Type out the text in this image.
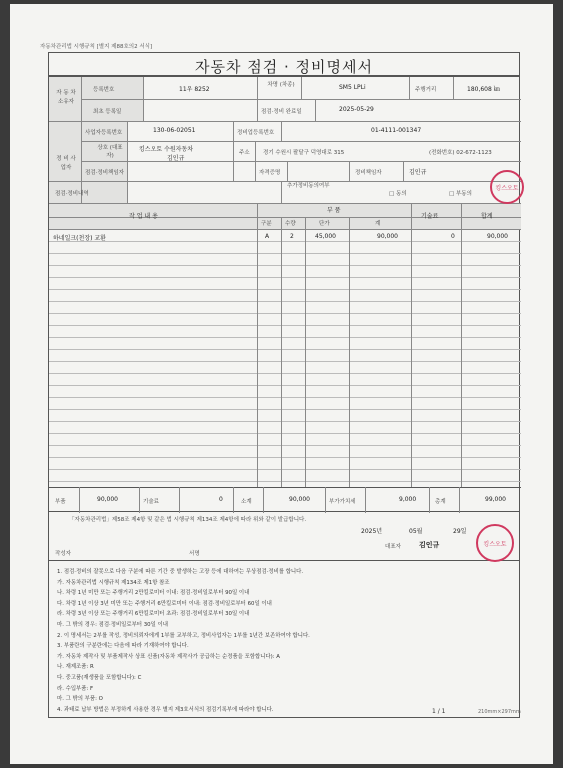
자동차관리법 시행규칙 [별지 제88호의2 서식]
자동차 점검 · 정비명세서
자 동 차 소유자
등록번호	11우 8252
차명 (차종)	SM5 LPLi	주행거리	180,608 ㎞
최초 등록일	점검·정비 완료일	2025-05-29
정 비 사업자
사업자등록번호	130-06-02051	정비업등록번호	01-4111-001347
상호 (대표자)
킹스오토 수원자동차
김인규
주소 경기 수원시 팔달구 덕영대로 315	(전화번호) 02-672-1123
점검·정비책임자	자격증명	정비책임자	김인규
점검·정비내역
추가정비동의여부
□ 동의	□ 부동의
작 업 내 용
부 품
구분 수량	단가	계
기술료	합계
하네일크(천장) 교환	A	2	45,000	90,000	0	90,000
부품	90,000	기술료	0	소계	90,000	부가가치세	9,000	총계	99,000
「자동차관리법」제58조 제4항 및 같은 법 시행규칙 제134조 제4항에 따라 위와 같이 발급합니다.
2025년	05월	29일
작성자	서명
대표자	김인규
1. 점검·정비의 잘못으로 다음 구분에 따른 기간 중 발생하는 고장 등에 대하여는 무상점검·정비를 합니다.
가. 자동차관리법 시행규칙 제134조 제1항 참조
나. 차령 1년 미만 또는 주행거리 2만킬로미터 이내: 점검·정비일로부터 90일 이내
다. 차령 1년 이상 3년 미만 또는 주행거리 6만킬로미터 이내: 점검·정비일로부터 60일 이내
라. 차령 3년 이상 또는 주행거리 6만킬로미터 초과: 점검·정비일로부터 30일 이내
마. 그 밖의 경우: 점검·정비일로부터 30일 이내
2. 이 명세서는 2부를 작성, 정비의뢰자에게 1부를 교부하고, 정비사업자는 1부를 1년간 보존하여야 합니다.
3. 부품란의 구분란에는 다음에 따라 기재하여야 합니다.
가. 자동차 제작사 및 부품제작사 상표 신품(자동차 제작사가 공급하는 순정품을 포함합니다): A
나. 재제조품: R
다. 중고품(재생품을 포함합니다): C
라. 수입부품: F
마. 그 밖의 부품: O
4. 과태료 납부 방법은 부정하게 사용한 경우 별지 제3호서식의 점검기록부에 따라야 합니다.
킹스오토
킹스오토
1 / 1	210mm×297mm
